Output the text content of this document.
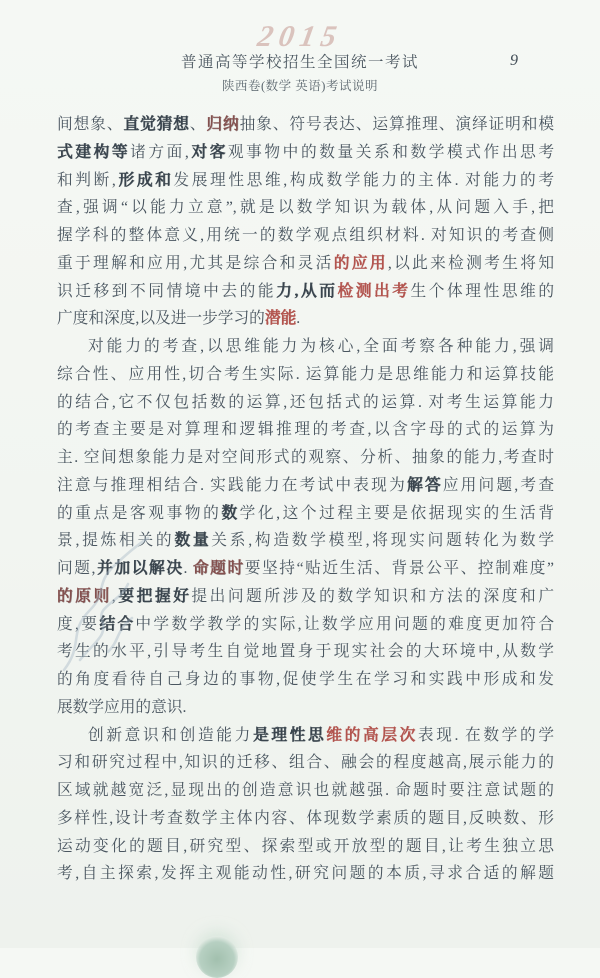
2015
普通高等学校招生全国统一考试	9
陕西卷(数学 英语)考试说明
间想象、直觉猜想、归纳抽象、符号表达、运算推理、演绎证明和模
式建构等诸方面,对客观事物中的数量关系和数学模式作出思考
和判断,形成和发展理性思维,构成数学能力的主体. 对能力的考
查,强调“以能力立意”,就是以数学知识为载体,从问题入手,把
握学科的整体意义,用统一的数学观点组织材料. 对知识的考查侧
重于理解和应用,尤其是综合和灵活的应用,以此来检测考生将知
识迁移到不同情境中去的能力,从而检测出考生个体理性思维的
广度和深度,以及进一步学习的潜能.
对能力的考查,以思维能力为核心,全面考察各种能力,强调
综合性、应用性,切合考生实际. 运算能力是思维能力和运算技能
的结合,它不仅包括数的运算,还包括式的运算. 对考生运算能力
的考查主要是对算理和逻辑推理的考查,以含字母的式的运算为
主. 空间想象能力是对空间形式的观察、分析、抽象的能力,考查时
注意与推理相结合. 实践能力在考试中表现为解答应用问题,考查
的重点是客观事物的数学化,这个过程主要是依据现实的生活背
景,提炼相关的数量关系,构造数学模型,将现实问题转化为数学
问题,并加以解决. 命题时要坚持“贴近生活、背景公平、控制难度”
的原则,要把握好提出问题所涉及的数学知识和方法的深度和广
度,要结合中学数学教学的实际,让数学应用问题的难度更加符合
考生的水平,引导考生自觉地置身于现实社会的大环境中,从数学
的角度看待自己身边的事物,促使学生在学习和实践中形成和发
展数学应用的意识.
创新意识和创造能力是理性思维的高层次表现. 在数学的学
习和研究过程中,知识的迁移、组合、融会的程度越高,展示能力的
区域就越宽泛,显现出的创造意识也就越强. 命题时要注意试题的
多样性,设计考查数学主体内容、体现数学素质的题目,反映数、形
运动变化的题目,研究型、探索型或开放型的题目,让考生独立思
考,自主探索,发挥主观能动性,研究问题的本质,寻求合适的解题
